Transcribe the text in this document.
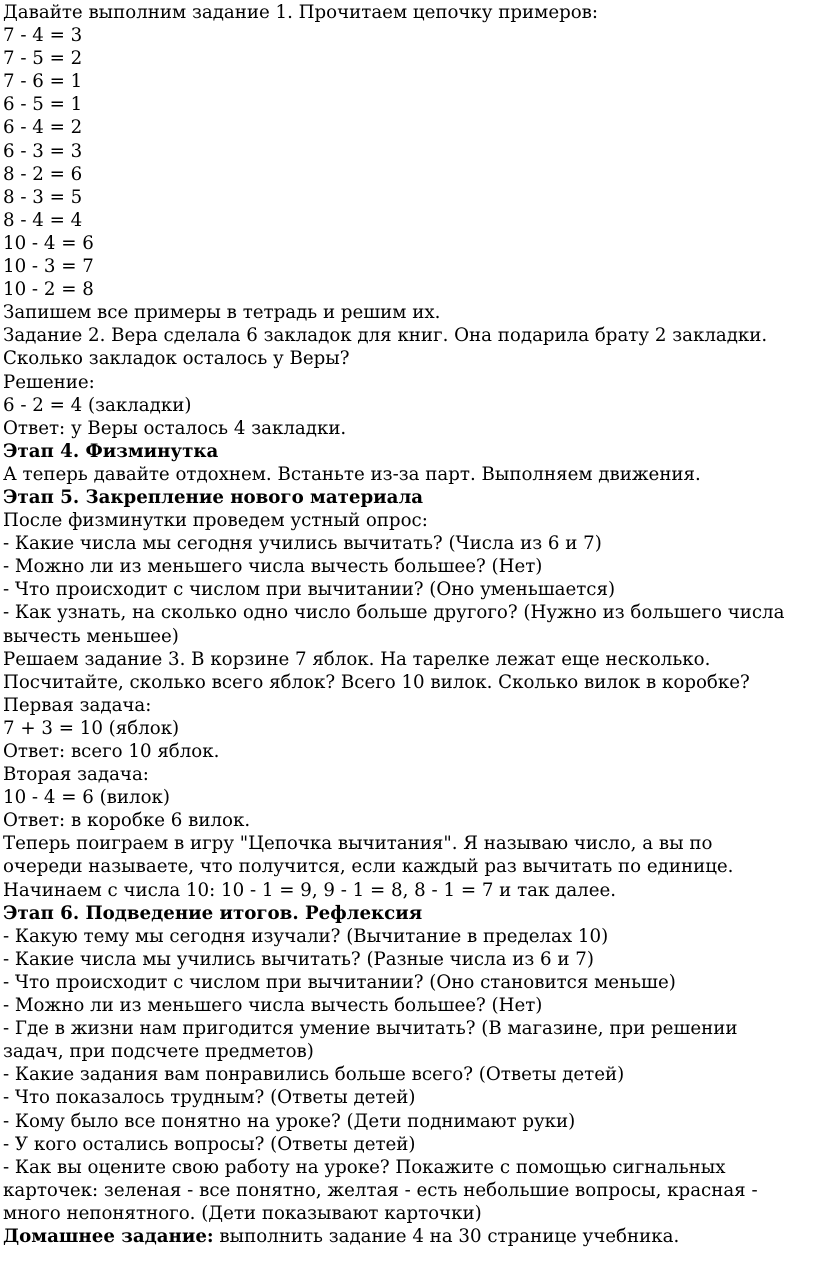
Давайте выполним задание 1. Прочитаем цепочку примеров:

7 - 4 = 3

7 - 5 = 2

7 - 6 = 1

6 - 5 = 1

6 - 4 = 2

6 - 3 = 3

8 - 2 = 6

8 - 3 = 5

8 - 4 = 4

10 - 4 = 6

10 - 3 = 7

10 - 2 = 8

Запишем все примеры в тетрадь и решим их.

Задание 2. Вера сделала 6 закладок для книг. Она подарила брату 2 закладки.

Сколько закладок осталось у Веры?

Решение:

6 - 2 = 4 (закладки)

Ответ: у Веры осталось 4 закладки.

Этап 4. Физминутка

А теперь давайте отдохнем. Встаньте из-за парт. Выполняем движения.

Этап 5. Закрепление нового материала

После физминутки проведем устный опрос:

- Какие числа мы сегодня учились вычитать? (Числа из 6 и 7)

- Можно ли из меньшего числа вычесть большее? (Нет)

- Что происходит с числом при вычитании? (Оно уменьшается)

- Как узнать, на сколько одно число больше другого? (Нужно из большего числа

вычесть меньшее)

Решаем задание 3. В корзине 7 яблок. На тарелке лежат еще несколько.

Посчитайте, сколько всего яблок? Всего 10 вилок. Сколько вилок в коробке?

Первая задача:

7 + 3 = 10 (яблок)

Ответ: всего 10 яблок.

Вторая задача:

10 - 4 = 6 (вилок)

Ответ: в коробке 6 вилок.

Теперь поиграем в игру "Цепочка вычитания". Я называю число, а вы по

очереди называете, что получится, если каждый раз вычитать по единице.

Начинаем с числа 10: 10 - 1 = 9, 9 - 1 = 8, 8 - 1 = 7 и так далее.

Этап 6. Подведение итогов. Рефлексия

- Какую тему мы сегодня изучали? (Вычитание в пределах 10)

- Какие числа мы учились вычитать? (Разные числа из 6 и 7)

- Что происходит с числом при вычитании? (Оно становится меньше)

- Можно ли из меньшего числа вычесть большее? (Нет)

- Где в жизни нам пригодится умение вычитать? (В магазине, при решении

задач, при подсчете предметов)

- Какие задания вам понравились больше всего? (Ответы детей)

- Что показалось трудным? (Ответы детей)

- Кому было все понятно на уроке? (Дети поднимают руки)

- У кого остались вопросы? (Ответы детей)

- Как вы оцените свою работу на уроке? Покажите с помощью сигнальных

карточек: зеленая - все понятно, желтая - есть небольшие вопросы, красная -

много непонятного. (Дети показывают карточки)

Домашнее задание: выполнить задание 4 на 30 странице учебника.
